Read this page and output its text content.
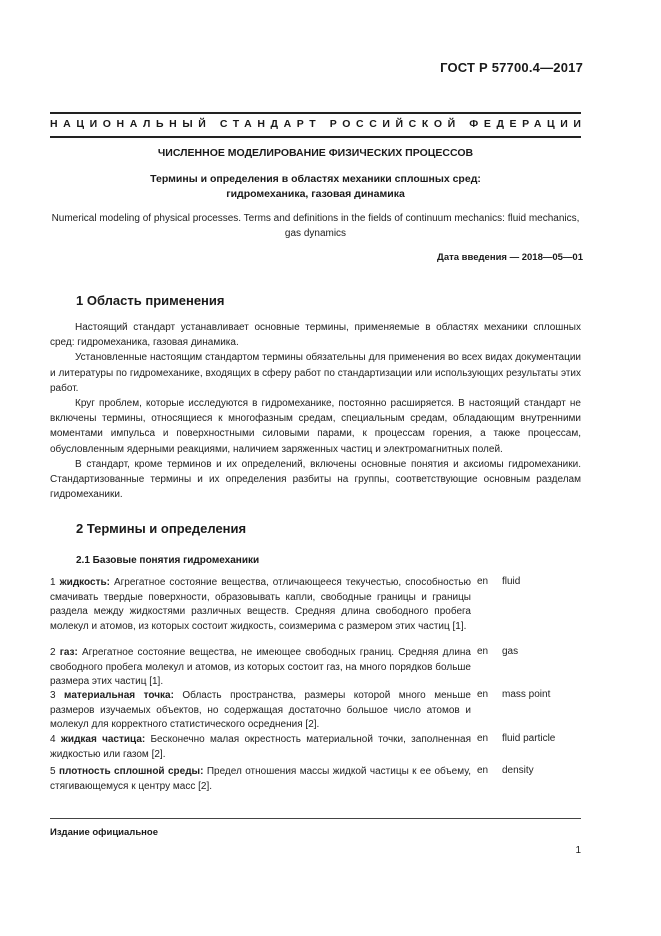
ГОСТ Р 57700.4—2017
НАЦИОНАЛЬНЫЙ СТАНДАРТ РОССИЙСКОЙ ФЕДЕРАЦИИ
ЧИСЛЕННОЕ МОДЕЛИРОВАНИЕ ФИЗИЧЕСКИХ ПРОЦЕССОВ
Термины и определения в областях механики сплошных сред:
гидромеханика, газовая динамика
Numerical modeling of physical processes. Terms and definitions in the fields of continuum mechanics: fluid mechanics,
gas dynamics
Дата введения — 2018—05—01
1 Область применения

Настоящий стандарт устанавливает основные термины, применяемые в областях механики сплошных сред: гидромеханика, газовая динамика.

Установленные настоящим стандартом термины обязательны для применения во всех видах документации и литературы по гидромеханике, входящих в сферу работ по стандартизации или использующих результаты этих работ.

Круг проблем, которые исследуются в гидромеханике, постоянно расширяется. В настоящий стандарт не включены термины, относящиеся к многофазным средам, специальным средам, обладающим внутренними моментами импульса и поверхностными силовыми парами, к процессам горения, а также процессам, обусловленным ядерными реакциями, наличием заряженных частиц и электромагнитных полей.

В стандарт, кроме терминов и их определений, включены основные понятия и аксиомы гидромеханики. Стандартизованные термины и их определения разбиты на группы, соответствующие основным разделам гидромеханики.

2 Термины и определения
2.1 Базовые понятия гидромеханики
1 жидкость: Агрегатное состояние вещества, отличающееся текучестью, способностью смачивать твердые поверхности, образовывать капли, свободные границы и границы раздела между жидкостями различных веществ. Средняя длина свободного пробега молекул и атомов, из которых состоит жидкость, соизмерима с размером этих частиц [1].
en fluid
2 газ: Агрегатное состояние вещества, не имеющее свободных границ. Средняя длина свободного пробега молекул и атомов, из которых состоит газ, на много порядков больше размера этих частиц [1].
en gas
3 материальная точка: Область пространства, размеры которой много меньше размеров изучаемых объектов, но содержащая достаточно большое число атомов и молекул для корректного статистического осреднения [2].
en mass point
4 жидкая частица: Бесконечно малая окрестность материальной точки, заполненная жидкостью или газом [2].
en fluid particle
5 плотность сплошной среды: Предел отношения массы жидкой частицы к ее объему, стягивающемуся к центру масс [2].
en density
Издание официальное
1
